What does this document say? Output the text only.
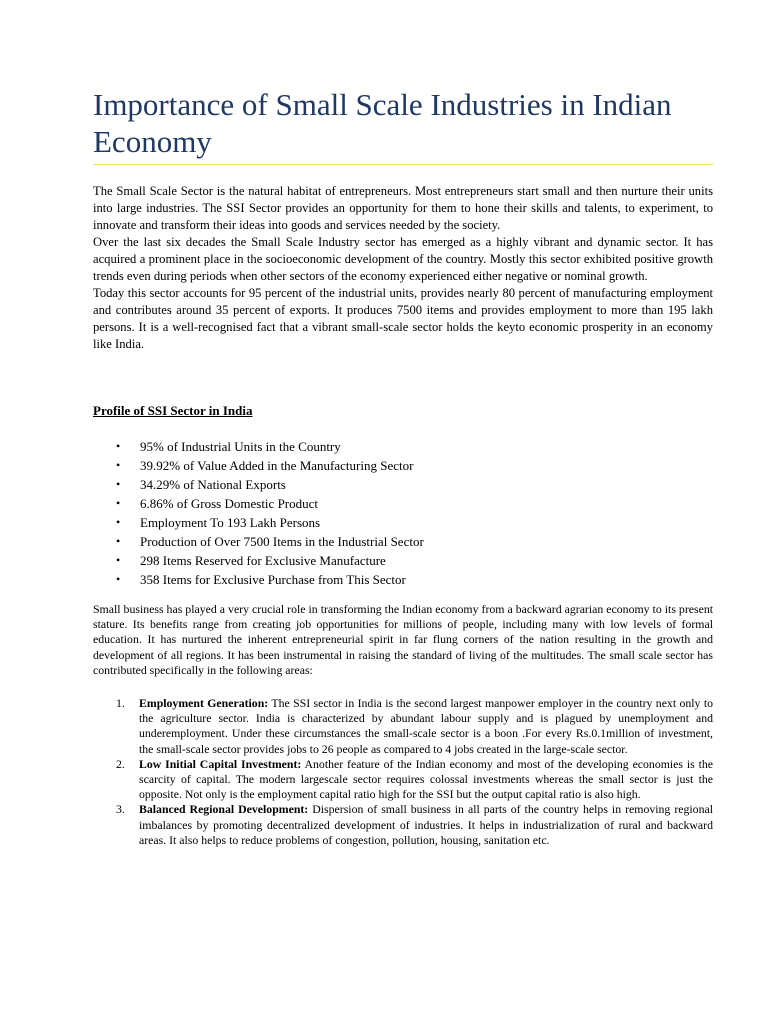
Importance of Small Scale Industries in Indian Economy

The Small Scale Sector is the natural habitat of entrepreneurs. Most entrepreneurs start small and then nurture their units into large industries. The SSI Sector provides an opportunity for them to hone their skills and talents, to experiment, to innovate and transform their ideas into goods and services needed by the society.

Over the last six decades the Small Scale Industry sector has emerged as a highly vibrant and dynamic sector. It has acquired a prominent place in the socioeconomic development of the country. Mostly this sector exhibited positive growth trends even during periods when other sectors of the economy experienced either negative or nominal growth.

Today this sector accounts for 95 percent of the industrial units, provides nearly 80 percent of manufacturing employment and contributes around 35 percent of exports. It produces 7500 items and provides employment to more than 195 lakh persons. It is a well-recognised fact that a vibrant small-scale sector holds the keyto economic prosperity in an economy like India.

Profile of SSI Sector in India
• 95% of Industrial Units in the Country
• 39.92% of Value Added in the Manufacturing Sector
• 34.29% of National Exports
• 6.86% of Gross Domestic Product
• Employment To 193 Lakh Persons
• Production of Over 7500 Items in the Industrial Sector
• 298 Items Reserved for Exclusive Manufacture
• 358 Items for Exclusive Purchase from This Sector

Small business has played a very crucial role in transforming the Indian economy from a backward agrarian economy to its present stature. Its benefits range from creating job opportunities for millions of people, including many with low levels of formal education. It has nurtured the inherent entrepreneurial spirit in far flung corners of the nation resulting in the growth and development of all regions. It has been instrumental in raising the standard of living of the multitudes. The small scale sector has contributed specifically in the following areas:

1. Employment Generation: The SSI sector in India is the second largest manpower employer in the country next only to the agriculture sector. India is characterized by abundant labour supply and is plagued by unemployment and underemployment. Under these circumstances the small-scale sector is a boon .For every Rs.0.1million of investment, the small-scale sector provides jobs to 26 people as compared to 4 jobs created in the large-scale sector.
2. Low Initial Capital Investment: Another feature of the Indian economy and most of the developing economies is the scarcity of capital. The modern largescale sector requires colossal investments whereas the small sector is just the opposite. Not only is the employment capital ratio high for the SSI but the output capital ratio is also high.
3. Balanced Regional Development: Dispersion of small business in all parts of the country helps in removing regional imbalances by promoting decentralized development of industries. It helps in industrialization of rural and backward areas. It also helps to reduce problems of congestion, pollution, housing, sanitation etc.
